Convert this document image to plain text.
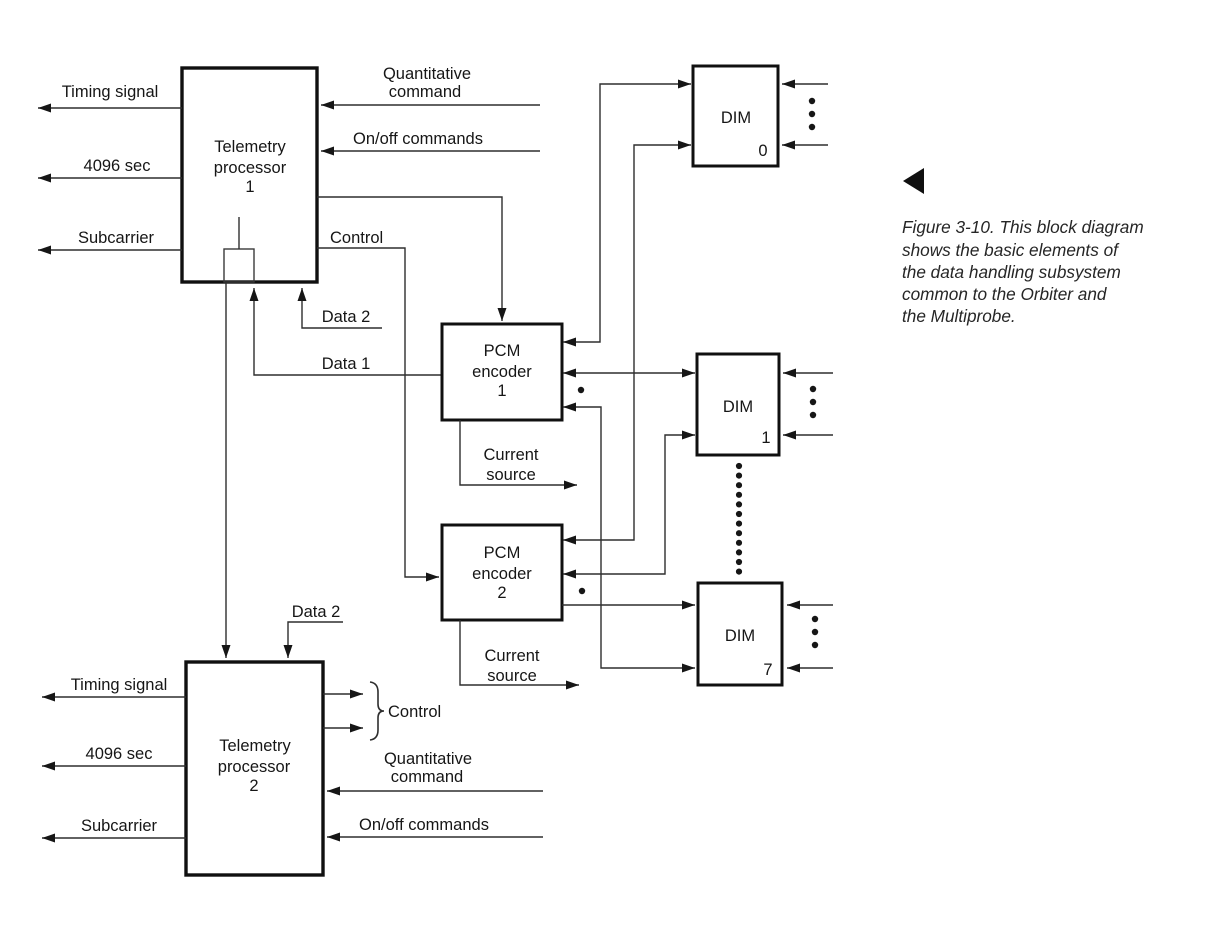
Telemetry
processor
1
Timing signal
4096 sec
Subcarrier
Quantitative
command
On/off commands
Control
Data 2
Data 1
PCM
encoder
1
Current
source
PCM
encoder
2
Current
source
DIM
0
DIM
1
DIM
7
Telemetry
processor
2
Data 2
Timing signal
4096 sec
Subcarrier
Control
Quantitative
command
On/off commands
Figure 3-10. This block diagram
shows the basic elements of
the data handling subsystem
common to the Orbiter and
the Multiprobe.
